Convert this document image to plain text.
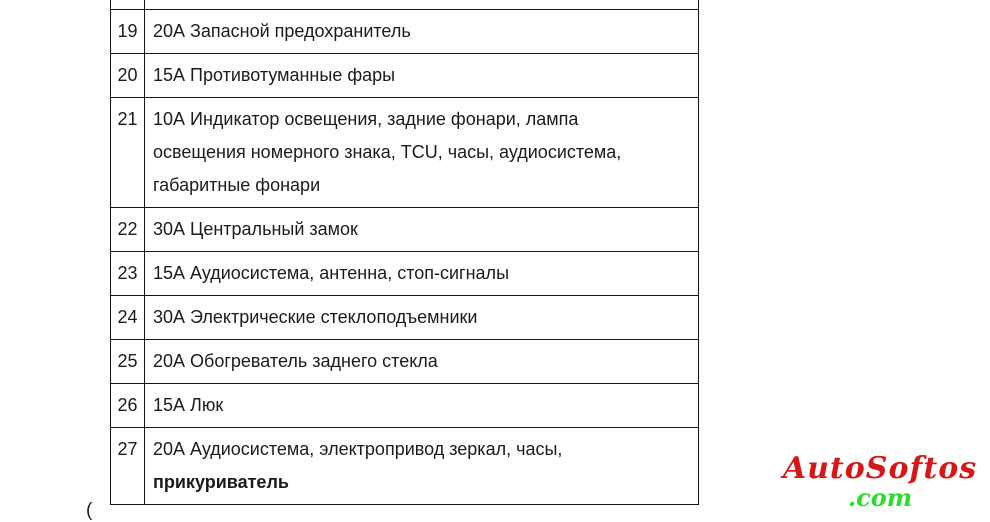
19 20А Запасной предохранитель
20 15А Противотуманные фары
21 10А Индикатор освещения, задние фонари, лампа
освещения номерного знака, TCU, часы, аудиосистема,
габаритные фонари
22 30А Центральный замок
23 15А Аудиосистема, антенна, стоп-сигналы
24 30А Электрические стеклоподъемники
25 20А Обогреватель заднего стекла
26 15А Люк
27 20А Аудиосистема, электропривод зеркал, часы,
прикуриватель
(
AutoSoftos
.com
